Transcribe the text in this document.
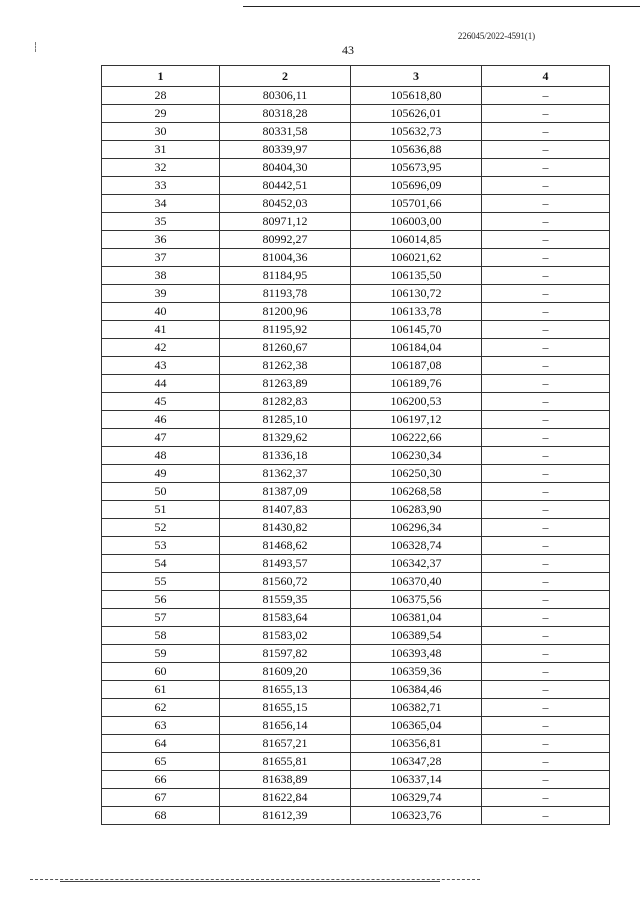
226045/2022-4591(1)
43
1	2	3	4
28	80306,11	105618,80	–
29	80318,28	105626,01	–
30	80331,58	105632,73	–
31	80339,97	105636,88	–
32	80404,30	105673,95	–
33	80442,51	105696,09	–
34	80452,03	105701,66	–
35	80971,12	106003,00	–
36	80992,27	106014,85	–
37	81004,36	106021,62	–
38	81184,95	106135,50	–
39	81193,78	106130,72	–
40	81200,96	106133,78	–
41	81195,92	106145,70	–
42	81260,67	106184,04	–
43	81262,38	106187,08	–
44	81263,89	106189,76	–
45	81282,83	106200,53	–
46	81285,10	106197,12	–
47	81329,62	106222,66	–
48	81336,18	106230,34	–
49	81362,37	106250,30	–
50	81387,09	106268,58	–
51	81407,83	106283,90	–
52	81430,82	106296,34	–
53	81468,62	106328,74	–
54	81493,57	106342,37	–
55	81560,72	106370,40	–
56	81559,35	106375,56	–
57	81583,64	106381,04	–
58	81583,02	106389,54	–
59	81597,82	106393,48	–
60	81609,20	106359,36	–
61	81655,13	106384,46	–
62	81655,15	106382,71	–
63	81656,14	106365,04	–
64	81657,21	106356,81	–
65	81655,81	106347,28	–
66	81638,89	106337,14	–
67	81622,84	106329,74	–
68	81612,39	106323,76	–
